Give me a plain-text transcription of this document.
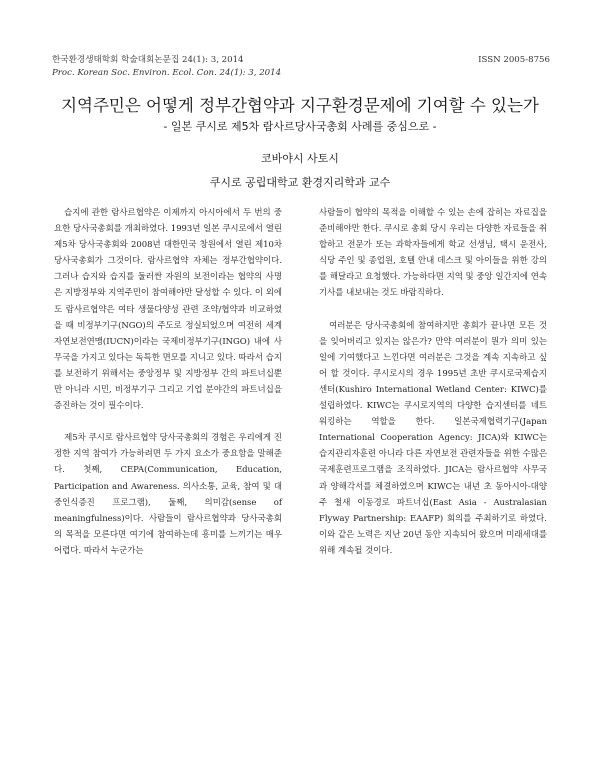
한국환경생태학회 학술대회논문집 24(1): 3, 2014	ISSN 2005-8756
Proc. Korean Soc. Environ. Ecol. Con. 24(1): 3, 2014
지역주민은 어떻게 정부간협약과 지구환경문제에 기여할 수 있는가
- 일본 쿠시로 제5차 람사르당사국총회 사례를 중심으로 -
코바야시 사토시
쿠시로 공립대학교 환경지리학과 교수

습지에 관한 람사르협약은 이제까지 아시아에서 두 번의 중요한 당사국총회를 개최하였다. 1993년 일본 쿠시로에서 열린 제5차 당사국총회와 2008년 대한민국 창원에서 열린 제10차 당사국총회가 그것이다. 람사르협약 자체는 정부간협약이다. 그러나 습지와 습지를 둘러싼 자원의 보전이라는 협약의 사명은 지방정부와 지역주민이 참여해야만 달성할 수 있다. 이 외에도 람사르협약은 여타 생물다양성 관련 조약/협약과 비교하였을 때 비정부기구(NGO)의 주도로 정실되었으며 여전히 세계자연보전연맹(IUCN)이라는 국제비정부기구(INGO) 내에 사무국을 가지고 있다는 독특한 면모를 지니고 있다. 따라서 습지를 보전하기 위해서는 중앙정부 및 지방정부 간의 파트너십뿐만 아니라 시민, 비정부기구 그리고 기업 분야간의 파트너십을 증진하는 것이 필수이다.

제5차 쿠시로 람사르협약 당사국총회의 경험은 우리에게 진정한 지역 참여가 가능하려면 두 가지 요소가 중요함을 말해준다. 첫째, CEPA(Communication, Education, Participation and Awareness. 의사소통, 교육, 참여 및 대중인식증진 프로그램), 둘째, 의미감(sense of meaningfulness)이다. 사람들이 람사르협약과 당사국총회의 목적을 모른다면 여기에 참여하는데 흥미를 느끼기는 매우 어렵다. 따라서 누군가는

사람들이 협약의 목적을 이해할 수 있는 손에 잡히는 자료집을 준비해야만 한다. 쿠시로 총회 당시 우리는 다양한 자료들을 취합하고 전문가 또는 과학자들에게 학교 선생님, 택시 운전사, 식당 주인 및 종업원, 호텔 안내 데스크 및 아이들을 위한 강의를 해달라고 요청했다. 가능하다면 지역 및 중앙 일간지에 연속 기사를 내보내는 것도 바람직하다.

여러분은 당사국총회에 참여하지만 총회가 끝나면 모든 것을 잊어버리고 있지는 않은가? 만약 여러분이 뭔가 의미 있는 일에 기여했다고 느낀다면 여러분은 그것을 계속 지속하고 싶어 할 것이다. 쿠시로시의 경우 1995년 초반 쿠시로국제습지센터(Kushiro International Wetland Center: KIWC)를 설립하였다. KIWC는 쿠시로지역의 다양한 습지센터를 네트워킹하는 역할을 한다. 일본국제협력기구(Japan International Cooperation Agency: JICA)와 KIWC는 습지관리자훈련 아니라 다른 자연보전 관련자들을 위한 수많은 국제훈련프로그램을 조직하였다. JICA는 람사르협약 사무국과 양해각서를 체결하였으며 KIWC는 내년 초 동아시아-대양주 철새 이동경로 파트너십(East Asia - Australasian Flyway Partnership: EAAFP) 회의를 주최하기로 하였다. 이와 같은 노력은 지난 20년 동안 지속되어 왔으며 미래세대를 위해 계속될 것이다.
